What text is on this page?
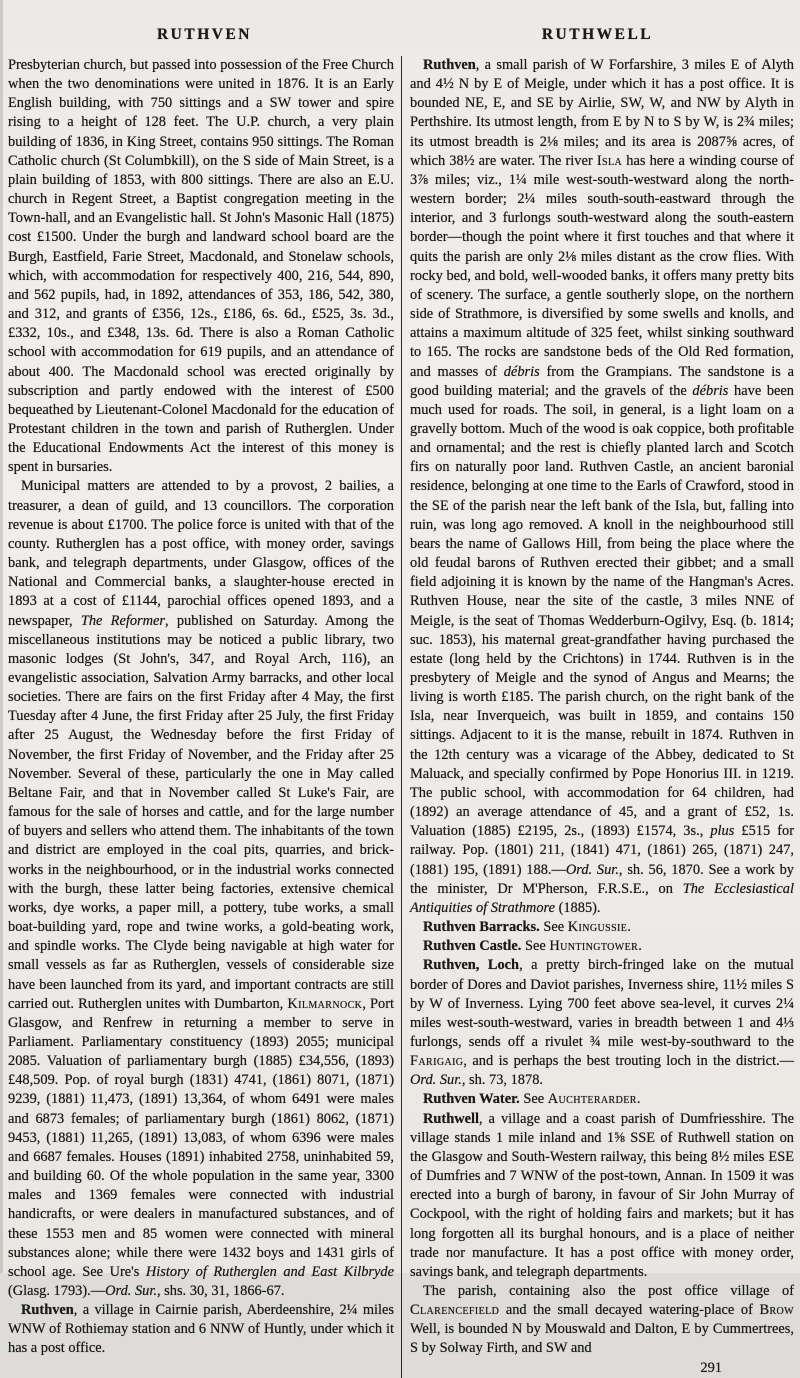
RUTHVEN	RUTHWELL

Presbyterian church, but passed into possession of the Free Church when the two denominations were united in 1876. It is an Early English building, with 750 sittings and a SW tower and spire rising to a height of 128 feet. The U.P. church, a very plain building of 1836, in King Street, contains 950 sittings. The Roman Catholic church (St Columbkill), on the S side of Main Street, is a plain building of 1853, with 800 sittings. There are also an E.U. church in Regent Street, a Baptist congregation meeting in the Town-hall, and an Evangelistic hall. St John's Masonic Hall (1875) cost £1500. Under the burgh and landward school board are the Burgh, Eastfield, Farie Street, Macdonald, and Stonelaw schools, which, with accommodation for respectively 400, 216, 544, 890, and 562 pupils, had, in 1892, attendances of 353, 186, 542, 380, and 312, and grants of £356, 12s., £186, 6s. 6d., £525, 3s. 3d., £332, 10s., and £348, 13s. 6d. There is also a Roman Catholic school with accommodation for 619 pupils, and an attendance of about 400. The Macdonald school was erected originally by subscription and partly endowed with the interest of £500 bequeathed by Lieutenant-Colonel Macdonald for the education of Protestant children in the town and parish of Rutherglen. Under the Educational Endowments Act the interest of this money is spent in bursaries.

Municipal matters are attended to by a provost, 2 bailies, a treasurer, a dean of guild, and 13 councillors. The corporation revenue is about £1700. The police force is united with that of the county. Rutherglen has a post office, with money order, savings bank, and telegraph departments, under Glasgow, offices of the National and Commercial banks, a slaughter-house erected in 1893 at a cost of £1144, parochial offices opened 1893, and a newspaper, The Reformer, published on Saturday. Among the miscellaneous institutions may be noticed a public library, two masonic lodges (St John's, 347, and Royal Arch, 116), an evangelistic association, Salvation Army barracks, and other local societies. There are fairs on the first Friday after 4 May, the first Tuesday after 4 June, the first Friday after 25 July, the first Friday after 25 August, the Wednesday before the first Friday of November, the first Friday of November, and the Friday after 25 November. Several of these, particularly the one in May called Beltane Fair, and that in November called St Luke's Fair, are famous for the sale of horses and cattle, and for the large number of buyers and sellers who attend them. The inhabitants of the town and district are employed in the coal pits, quarries, and brick-works in the neighbourhood, or in the industrial works connected with the burgh, these latter being factories, extensive chemical works, dye works, a paper mill, a pottery, tube works, a small boat-building yard, rope and twine works, a gold-beating work, and spindle works. The Clyde being navigable at high water for small vessels as far as Rutherglen, vessels of considerable size have been launched from its yard, and important contracts are still carried out. Rutherglen unites with Dumbarton, Kilmarnock, Port Glasgow, and Renfrew in returning a member to serve in Parliament. Parliamentary constituency (1893) 2055; municipal 2085. Valuation of parliamentary burgh (1885) £34,556, (1893) £48,509. Pop. of royal burgh (1831) 4741, (1861) 8071, (1871) 9239, (1881) 11,473, (1891) 13,364, of whom 6491 were males and 6873 females; of parliamentary burgh (1861) 8062, (1871) 9453, (1881) 11,265, (1891) 13,083, of whom 6396 were males and 6687 females. Houses (1891) inhabited 2758, uninhabited 59, and building 60. Of the whole population in the same year, 3300 males and 1369 females were connected with industrial handicrafts, or were dealers in manufactured substances, and of these 1553 men and 85 women were connected with mineral substances alone; while there were 1432 boys and 1431 girls of school age. See Ure's History of Rutherglen and East Kilbryde (Glasg. 1793).—Ord. Sur., shs. 30, 31, 1866-67.

Ruthven, a village in Cairnie parish, Aberdeenshire, 2¼ miles WNW of Rothiemay station and 6 NNW of Huntly, under which it has a post office.

Ruthven, a small parish of W Forfarshire, 3 miles E of Alyth and 4½ N by E of Meigle, under which it has a post office. It is bounded NE, E, and SE by Airlie, SW, W, and NW by Alyth in Perthshire. Its utmost length, from E by N to S by W, is 2¾ miles; its utmost breadth is 2⅛ miles; and its area is 2087⅝ acres, of which 38½ are water. The river Isla has here a winding course of 3⅞ miles; viz., 1¼ mile west-south-westward along the north-western border; 2¼ miles south-south-eastward through the interior, and 3 furlongs south-westward along the south-eastern border—though the point where it first touches and that where it quits the parish are only 2⅛ miles distant as the crow flies. With rocky bed, and bold, well-wooded banks, it offers many pretty bits of scenery. The surface, a gentle southerly slope, on the northern side of Strathmore, is diversified by some swells and knolls, and attains a maximum altitude of 325 feet, whilst sinking southward to 165. The rocks are sandstone beds of the Old Red formation, and masses of débris from the Grampians. The sandstone is a good building material; and the gravels of the débris have been much used for roads. The soil, in general, is a light loam on a gravelly bottom. Much of the wood is oak coppice, both profitable and ornamental; and the rest is chiefly planted larch and Scotch firs on naturally poor land. Ruthven Castle, an ancient baronial residence, belonging at one time to the Earls of Crawford, stood in the SE of the parish near the left bank of the Isla, but, falling into ruin, was long ago removed. A knoll in the neighbourhood still bears the name of Gallows Hill, from being the place where the old feudal barons of Ruthven erected their gibbet; and a small field adjoining it is known by the name of the Hangman's Acres. Ruthven House, near the site of the castle, 3 miles NNE of Meigle, is the seat of Thomas Wedderburn-Ogilvy, Esq. (b. 1814; suc. 1853), his maternal great-grandfather having purchased the estate (long held by the Crichtons) in 1744. Ruthven is in the presbytery of Meigle and the synod of Angus and Mearns; the living is worth £185. The parish church, on the right bank of the Isla, near Inverqueich, was built in 1859, and contains 150 sittings. Adjacent to it is the manse, rebuilt in 1874. Ruthven in the 12th century was a vicarage of the Abbey, dedicated to St Maluack, and specially confirmed by Pope Honorius III. in 1219. The public school, with accommodation for 64 children, had (1892) an average attendance of 45, and a grant of £52, 1s. Valuation (1885) £2195, 2s., (1893) £1574, 3s., plus £515 for railway. Pop. (1801) 211, (1841) 471, (1861) 265, (1871) 247, (1881) 195, (1891) 188.—Ord. Sur., sh. 56, 1870. See a work by the minister, Dr M'Pherson, F.R.S.E., on The Ecclesiastical Antiquities of Strathmore (1885).

Ruthven Barracks. See Kingussie.

Ruthven Castle. See Huntingtower.

Ruthven, Loch, a pretty birch-fringed lake on the mutual border of Dores and Daviot parishes, Inverness shire, 11½ miles S by W of Inverness. Lying 700 feet above sea-level, it curves 2¼ miles west-south-westward, varies in breadth between 1 and 4⅓ furlongs, sends off a rivulet ¾ mile west-by-southward to the Farigaig, and is perhaps the best trouting loch in the district.—Ord. Sur., sh. 73, 1878.

Ruthven Water. See Auchterarder.

Ruthwell, a village and a coast parish of Dumfriesshire. The village stands 1 mile inland and 1⅝ SSE of Ruthwell station on the Glasgow and South-Western railway, this being 8½ miles ESE of Dumfries and 7 WNW of the post-town, Annan. In 1509 it was erected into a burgh of barony, in favour of Sir John Murray of Cockpool, with the right of holding fairs and markets; but it has long forgotten all its burghal honours, and is a place of neither trade nor manufacture. It has a post office with money order, savings bank, and telegraph departments.

The parish, containing also the post office village of Clarencefield and the small decayed watering-place of Brow Well, is bounded N by Mouswald and Dalton, E by Cummertrees, S by Solway Firth, and SW and

291
